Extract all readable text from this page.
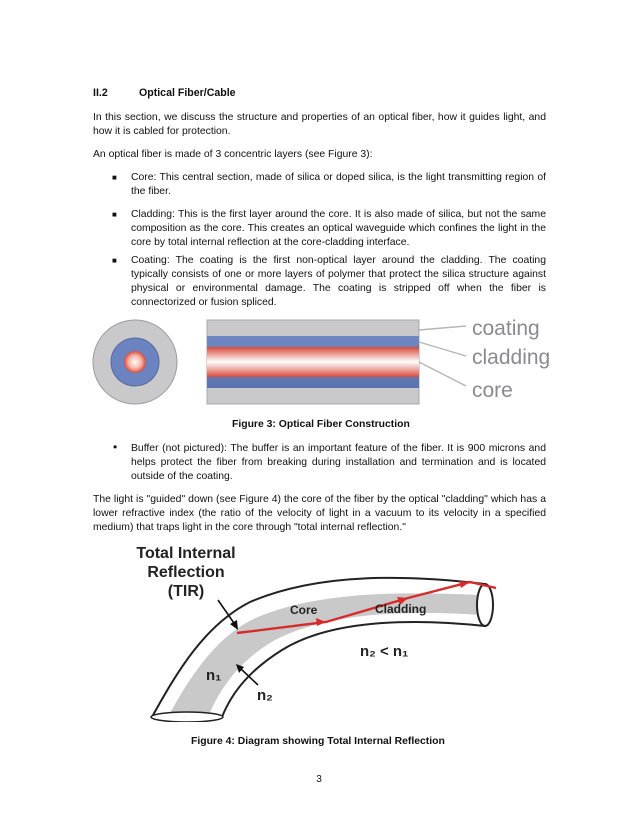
II.2	Optical Fiber/Cable
In this section, we discuss the structure and properties of an optical fiber, how it guides light, and how it is cabled for protection.
An optical fiber is made of 3 concentric layers (see Figure 3):
■ Core: This central section, made of silica or doped silica, is the light transmitting region of the fiber.
■ Cladding: This is the first layer around the core. It is also made of silica, but not the same composition as the core. This creates an optical waveguide which confines the light in the core by total internal reflection at the core-cladding interface.
■ Coating: The coating is the first non-optical layer around the cladding. The coating typically consists of one or more layers of polymer that protect the silica structure against physical or environmental damage. The coating is stripped off when the fiber is connectorized or fusion spliced.
coating
cladding
core
Figure 3: Optical Fiber Construction
• Buffer (not pictured): The buffer is an important feature of the fiber. It is 900 microns and helps protect the fiber from breaking during installation and termination and is located outside of the coating.
The light is "guided" down (see Figure 4) the core of the fiber by the optical "cladding" which has a lower refractive index (the ratio of the velocity of light in a vacuum to its velocity in a specified medium) that traps light in the core through "total internal reflection."
Total Internal
Reflection
(TIR)
Core	Cladding
n₂ < n₁
n₁
n₂
Figure 4: Diagram showing Total Internal Reflection
3
